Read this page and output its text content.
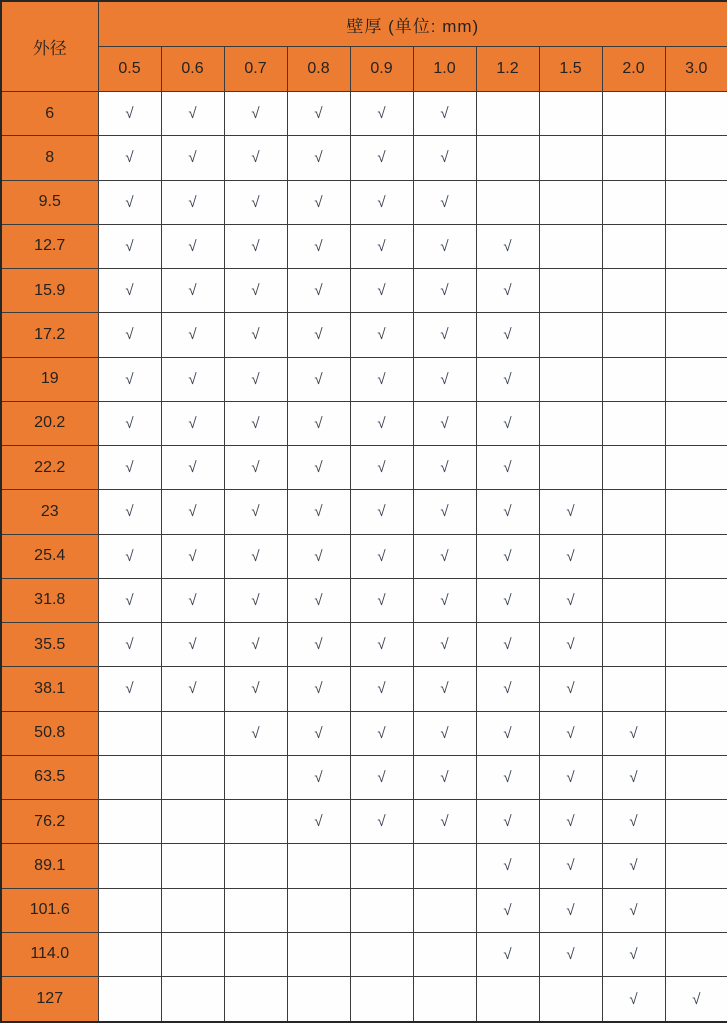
外径	壁厚 (单位: mm)									
	0.5	0.6	0.7	0.8	0.9	1.0	1.2	1.5	2.0	3.0
6	√	√	√	√	√	√				
8	√	√	√	√	√	√				
9.5	√	√	√	√	√	√				
12.7	√	√	√	√	√	√	√			
15.9	√	√	√	√	√	√	√			
17.2	√	√	√	√	√	√	√			
19	√	√	√	√	√	√	√			
20.2	√	√	√	√	√	√	√			
22.2	√	√	√	√	√	√	√			
23	√	√	√	√	√	√	√	√		
25.4	√	√	√	√	√	√	√	√		
31.8	√	√	√	√	√	√	√	√		
35.5	√	√	√	√	√	√	√	√		
38.1	√	√	√	√	√	√	√	√		
50.8			√	√	√	√	√	√	√	
63.5				√	√	√	√	√	√	
76.2				√	√	√	√	√	√	
89.1							√	√	√	
101.6							√	√	√	
114.0							√	√	√	
127									√	√
